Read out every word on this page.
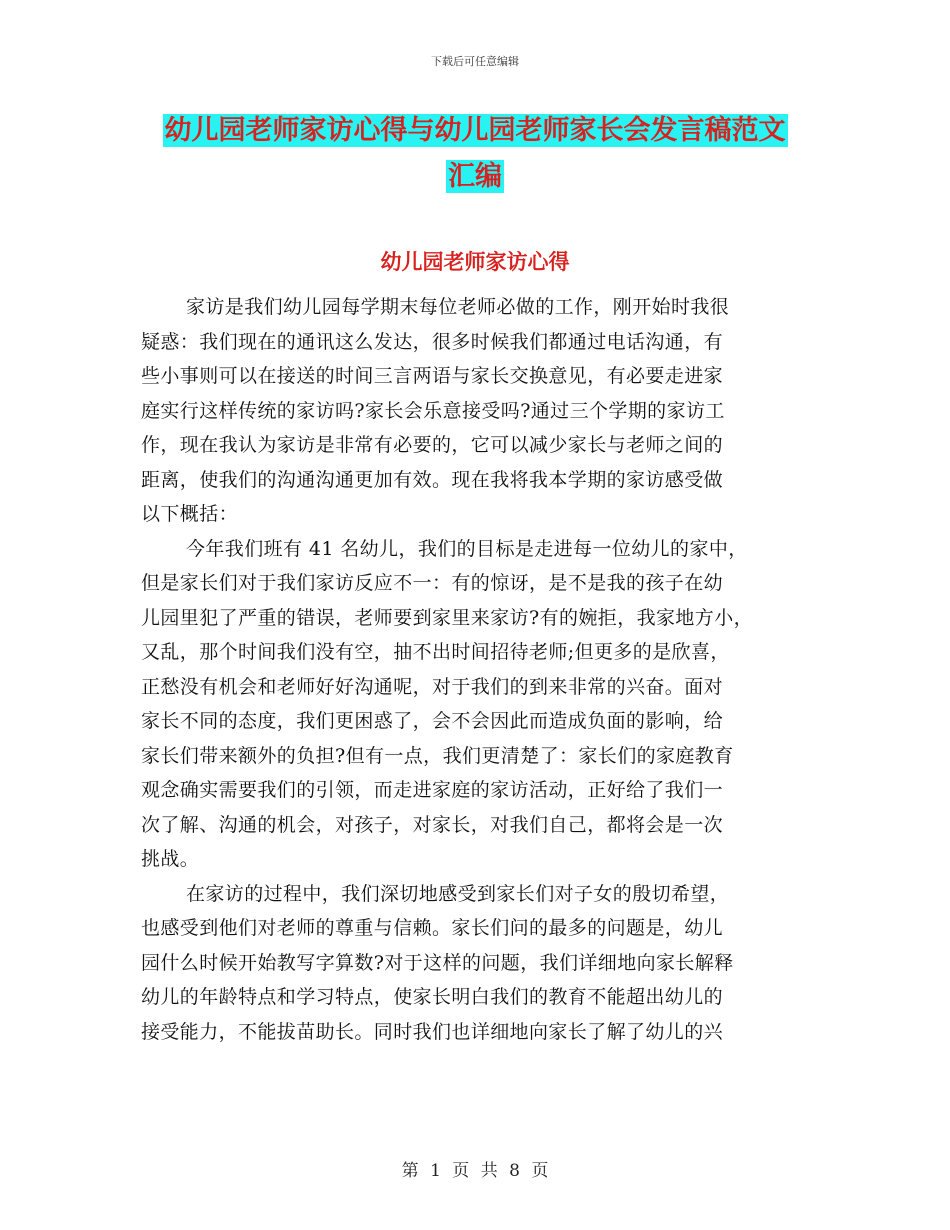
下载后可任意编辑
幼儿园老师家访心得与幼儿园老师家长会发言稿范文
汇编
幼儿园老师家访心得

家访是我们幼儿园每学期末每位老师必做的工作，刚开始时我很
疑惑：我们现在的通讯这么发达，很多时候我们都通过电话沟通，有
些小事则可以在接送的时间三言两语与家长交换意见，有必要走进家
庭实行这样传统的家访吗?家长会乐意接受吗?通过三个学期的家访工
作，现在我认为家访是非常有必要的，它可以减少家长与老师之间的
距离，使我们的沟通沟通更加有效。现在我将我本学期的家访感受做
以下概括：

今年我们班有 41 名幼儿，我们的目标是走进每一位幼儿的家中，
但是家长们对于我们家访反应不一：有的惊讶，是不是我的孩子在幼
儿园里犯了严重的错误，老师要到家里来家访?有的婉拒，我家地方小，
又乱，那个时间我们没有空，抽不出时间招待老师;但更多的是欣喜，
正愁没有机会和老师好好沟通呢，对于我们的到来非常的兴奋。面对
家长不同的态度，我们更困惑了，会不会因此而造成负面的影响，给
家长们带来额外的负担?但有一点，我们更清楚了：家长们的家庭教育
观念确实需要我们的引领，而走进家庭的家访活动，正好给了我们一
次了解、沟通的机会，对孩子，对家长，对我们自己，都将会是一次
挑战。

在家访的过程中，我们深切地感受到家长们对子女的殷切希望，
也感受到他们对老师的尊重与信赖。家长们问的最多的问题是，幼儿
园什么时候开始教写字算数?对于这样的问题，我们详细地向家长解释
幼儿的年龄特点和学习特点，使家长明白我们的教育不能超出幼儿的
接受能力，不能拔苗助长。同时我们也详细地向家长了解了幼儿的兴

第 1 页 共 8 页
